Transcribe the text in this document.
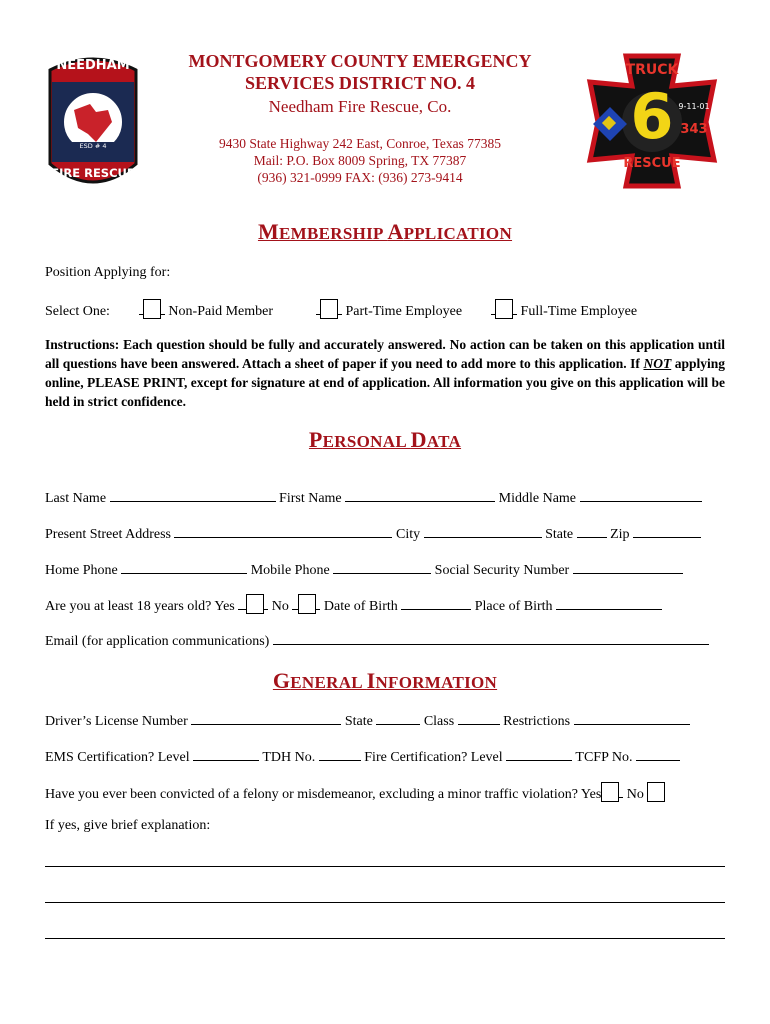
NEEDHAM
ESD # 4
FIRE RESCUE
MONTGOMERY COUNTY EMERGENCY
SERVICES DISTRICT NO. 4
Needham Fire Rescue, Co.
9430 State Highway 242 East, Conroe, Texas 77385
Mail: P.O. Box 8009 Spring, TX 77387
(936) 321-0999 FAX: (936) 273-9414
TRUCK
6 9-11-01
343
RESCUE
MEMBERSHIP APPLICATION
Position Applying for:
Select One:	Non-Paid Member	Part-Time Employee	Full-Time Employee
Instructions: Each question should be fully and accurately answered. No action can be taken on this application until all questions have been answered. Attach a sheet of paper if you need to add more to this application. If NOT applying online, PLEASE PRINT, except for signature at end of application. All information you give on this application will be held in strict confidence.
PERSONAL DATA
Last Name	First Name	Middle Name
Present Street Address	City	State	Zip
Home Phone	Mobile Phone	Social Security Number
Are you at least 18 years old? Yes	No	Date of Birth	Place of Birth
Email (for application communications)
GENERAL INFORMATION
Driver’s License Number	State	Class	Restrictions
EMS Certification? Level	TDH No.	Fire Certification? Level	TCFP No.
Have you ever been convicted of a felony or misdemeanor, excluding a minor traffic violation? Yes No
If yes, give brief explanation:
